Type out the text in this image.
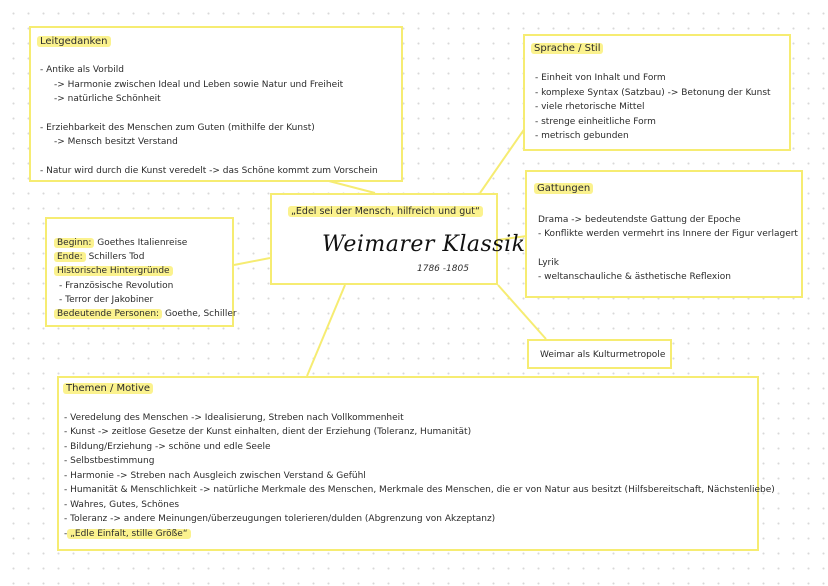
Leitgedanken
- Antike als Vorbild
-> Harmonie zwischen Ideal und Leben sowie Natur und Freiheit
-> natürliche Schönheit
- Erziehbarkeit des Menschen zum Guten (mithilfe der Kunst)
-> Mensch besitzt Verstand
- Natur wird durch die Kunst veredelt -> das Schöne kommt zum Vorschein
Sprache / Stil
- Einheit von Inhalt und Form
- komplexe Syntax (Satzbau) -> Betonung der Kunst
- viele rhetorische Mittel
- strenge einheitliche Form
- metrisch gebunden
„Edel sei der Mensch, hilfreich und gut“
Weimarer Klassik
1786 -1805
Gattungen
Drama -> bedeutendste Gattung der Epoche
- Konflikte werden vermehrt ins Innere der Figur verlagert
Lyrik
- weltanschauliche & ästhetische Reflexion
Beginn: Goethes Italienreise
Ende: Schillers Tod
Historische Hintergründe
- Französische Revolution
- Terror der Jakobiner
Bedeutende Personen: Goethe, Schiller
Weimar als Kulturmetropole
Themen / Motive
- Veredelung des Menschen -> Idealisierung, Streben nach Vollkommenheit
- Kunst -> zeitlose Gesetze der Kunst einhalten, dient der Erziehung (Toleranz, Humanität)
- Bildung/Erziehung -> schöne und edle Seele
- Selbstbestimmung
- Harmonie -> Streben nach Ausgleich zwischen Verstand & Gefühl
- Humanität & Menschlichkeit -> natürliche Merkmale des Menschen, Merkmale des Menschen, die er von Natur aus besitzt (Hilfsbereitschaft, Nächstenliebe)
- Wahres, Gutes, Schönes
- Toleranz -> andere Meinungen/überzeugungen tolerieren/dulden (Abgrenzung von Akzeptanz)
- „Edle Einfalt, stille Größe“
